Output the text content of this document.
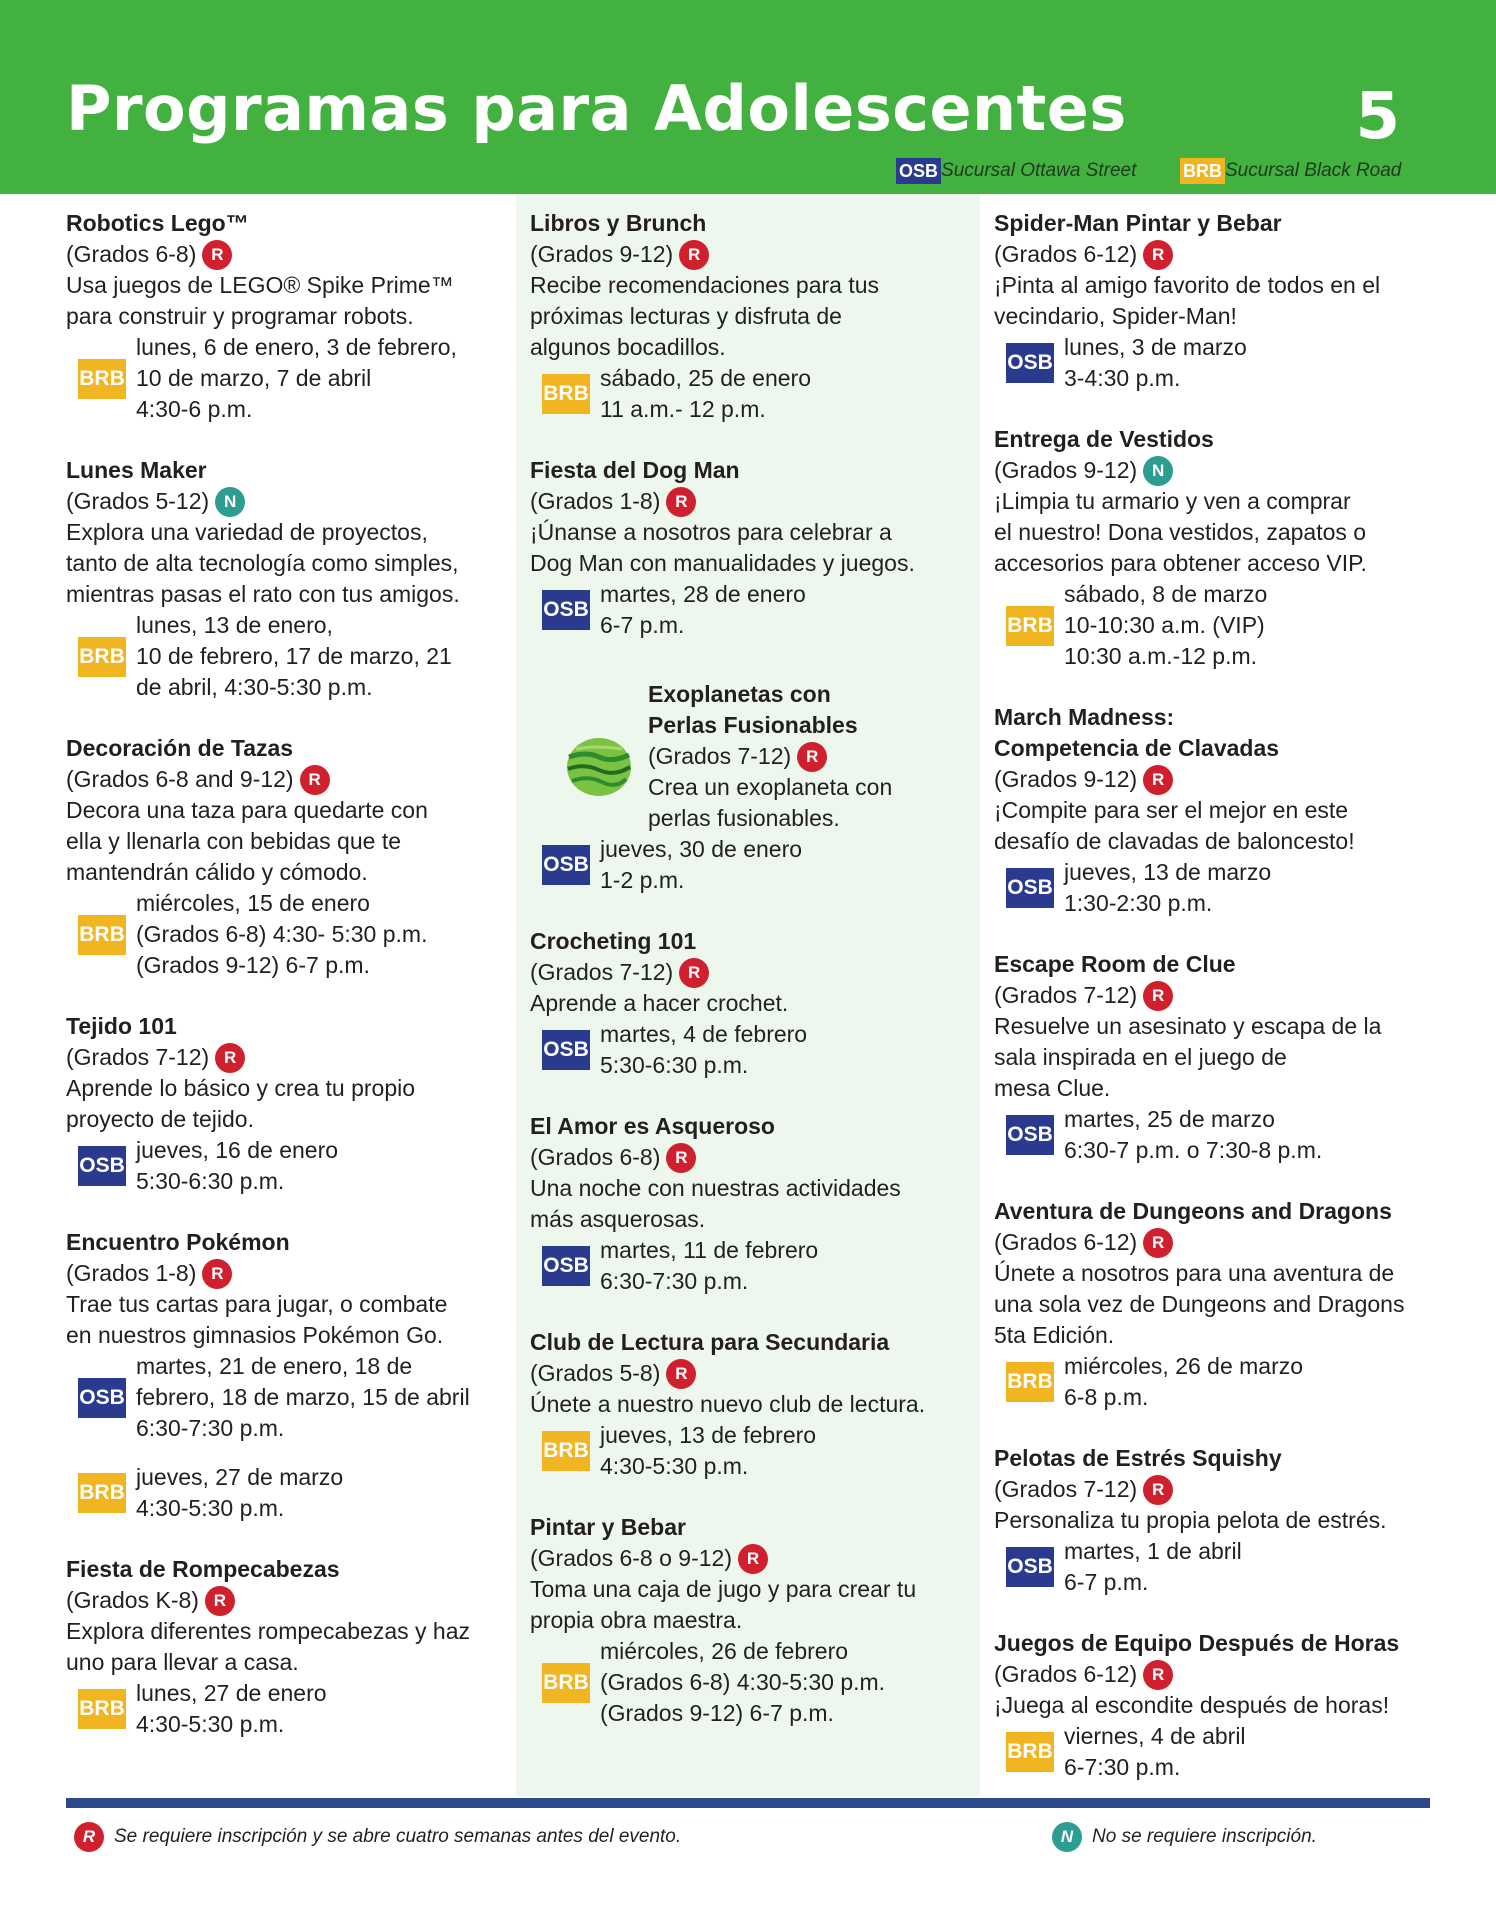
Programas para Adolescentes	5
OSB Sucursal Ottawa Street	BRB Sucursal Black Road
Robotics Lego™
(Grados 6-8) R
Usa juegos de LEGO® Spike Prime™
para construir y programar robots.
BRB
lunes, 6 de enero, 3 de febrero,
10 de marzo, 7 de abril
4:30-6 p.m.
Lunes Maker
(Grados 5-12) N
Explora una variedad de proyectos,
tanto de alta tecnología como simples,
mientras pasas el rato con tus amigos.
BRB
lunes, 13 de enero,
10 de febrero, 17 de marzo, 21
de abril, 4:30-5:30 p.m.
Decoración de Tazas
(Grados 6-8 and 9-12) R
Decora una taza para quedarte con
ella y llenarla con bebidas que te
mantendrán cálido y cómodo.
BRB
miércoles, 15 de enero
(Grados 6-8) 4:30- 5:30 p.m.
(Grados 9-12) 6-7 p.m.
Tejido 101
(Grados 7-12) R
Aprende lo básico y crea tu propio
proyecto de tejido.
OSB
jueves, 16 de enero
5:30-6:30 p.m.
Encuentro Pokémon
(Grados 1-8) R
Trae tus cartas para jugar, o combate
en nuestros gimnasios Pokémon Go.
OSB
martes, 21 de enero, 18 de
febrero, 18 de marzo, 15 de abril
6:30-7:30 p.m.
BRB
jueves, 27 de marzo
4:30-5:30 p.m.
Fiesta de Rompecabezas
(Grados K-8) R
Explora diferentes rompecabezas y haz
uno para llevar a casa.
BRB
lunes, 27 de enero
4:30-5:30 p.m.
Libros y Brunch
(Grados 9-12) R
Recibe recomendaciones para tus
próximas lecturas y disfruta de
algunos bocadillos.
BRB
sábado, 25 de enero
11 a.m.- 12 p.m.
Fiesta del Dog Man
(Grados 1-8) R
¡Únanse a nosotros para celebrar a
Dog Man con manualidades y juegos.
OSB
martes, 28 de enero
6-7 p.m.
Exoplanetas con
Perlas Fusionables
(Grados 7-12) R
Crea un exoplaneta con
perlas fusionables.
OSB
jueves, 30 de enero
1-2 p.m.
Crocheting 101
(Grados 7-12) R
Aprende a hacer crochet.
OSB
martes, 4 de febrero
5:30-6:30 p.m.
El Amor es Asqueroso
(Grados 6-8) R
Una noche con nuestras actividades
más asquerosas.
OSB
martes, 11 de febrero
6:30-7:30 p.m.
Club de Lectura para Secundaria
(Grados 5-8) R
Únete a nuestro nuevo club de lectura.
BRB
jueves, 13 de febrero
4:30-5:30 p.m.
Pintar y Bebar
(Grados 6-8 o 9-12) R
Toma una caja de jugo y para crear tu
propia obra maestra.
BRB
miércoles, 26 de febrero
(Grados 6-8) 4:30-5:30 p.m.
(Grados 9-12) 6-7 p.m.
Spider-Man Pintar y Bebar
(Grados 6-12) R
¡Pinta al amigo favorito de todos en el
vecindario, Spider-Man!
OSB
lunes, 3 de marzo
3-4:30 p.m.
Entrega de Vestidos
(Grados 9-12) N
¡Limpia tu armario y ven a comprar
el nuestro! Dona vestidos, zapatos o
accesorios para obtener acceso VIP.
BRB
sábado, 8 de marzo
10-10:30 a.m. (VIP)
10:30 a.m.-12 p.m.
March Madness:
Competencia de Clavadas
(Grados 9-12) R
¡Compite para ser el mejor en este
desafío de clavadas de baloncesto!
OSB
jueves, 13 de marzo
1:30-2:30 p.m.
Escape Room de Clue
(Grados 7-12) R
Resuelve un asesinato y escapa de la
sala inspirada en el juego de
mesa Clue.
OSB
martes, 25 de marzo
6:30-7 p.m. o 7:30-8 p.m.
Aventura de Dungeons and Dragons
(Grados 6-12) R
Únete a nosotros para una aventura de
una sola vez de Dungeons and Dragons
5ta Edición.
BRB
miércoles, 26 de marzo
6-8 p.m.
Pelotas de Estrés Squishy
(Grados 7-12) R
Personaliza tu propia pelota de estrés.
OSB
martes, 1 de abril
6-7 p.m.
Juegos de Equipo Después de Horas
(Grados 6-12) R
¡Juega al escondite después de horas!
BRB
viernes, 4 de abril
6-7:30 p.m.
R Se requiere inscripción y se abre cuatro semanas antes del evento.	N No se requiere inscripción.
